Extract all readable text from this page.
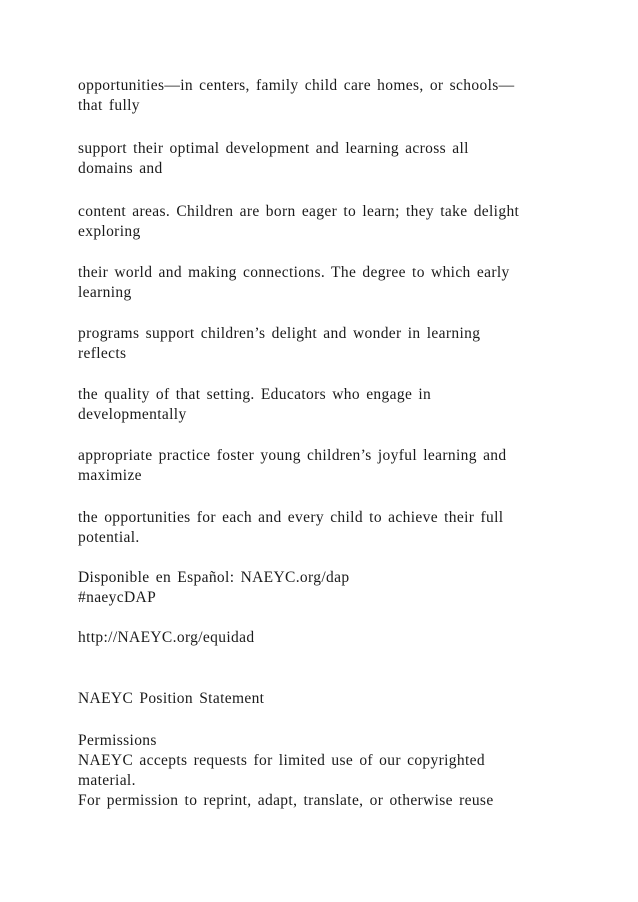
opportunities—in centers, family child care homes, or schools—
that fully
support their optimal development and learning across all
domains and
content areas. Children are born eager to learn; they take delight
exploring
their world and making connections. The degree to which early
learning
programs support children’s delight and wonder in learning
reflects
the quality of that setting. Educators who engage in
developmentally
appropriate practice foster young children’s joyful learning and
maximize
the opportunities for each and every child to achieve their full
potential.
Disponible en Español: NAEYC.org/dap
#naeycDAP
http://NAEYC.org/equidad
NAEYC Position Statement
Permissions
NAEYC accepts requests for limited use of our copyrighted
material.
For permission to reprint, adapt, translate, or otherwise reuse
